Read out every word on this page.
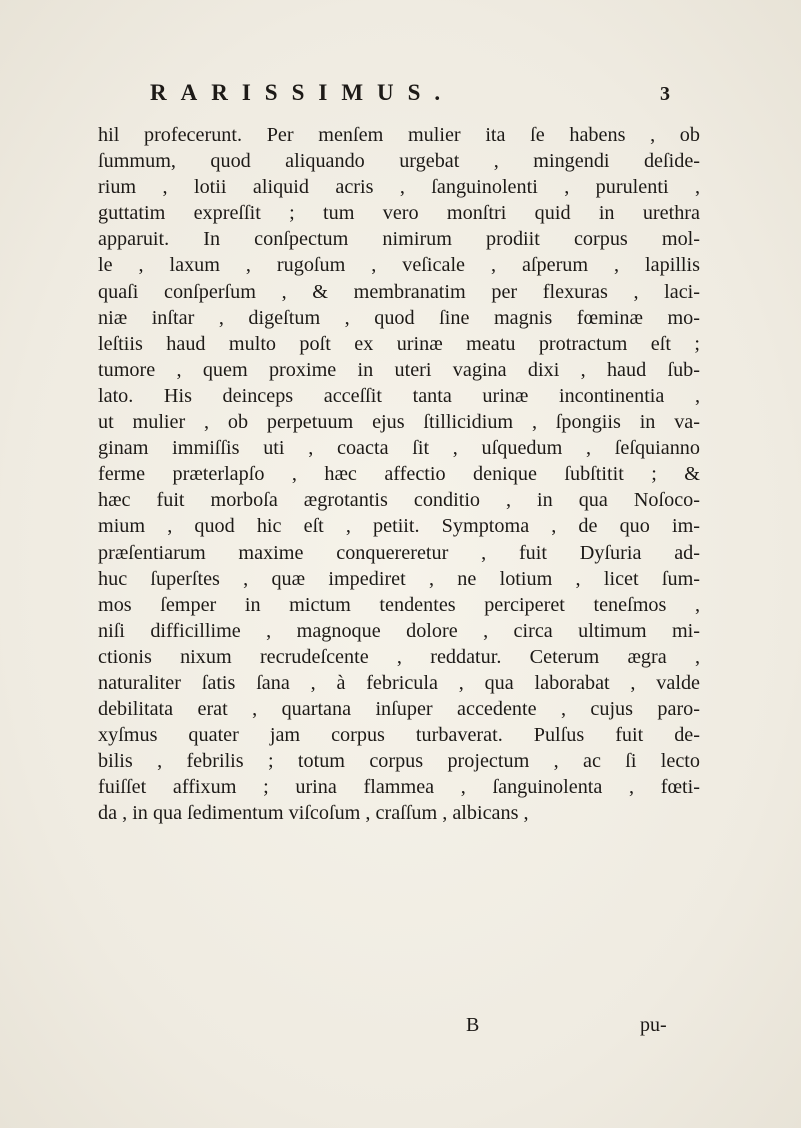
RARISSIMUS.	3
hil profecerunt. Per menſem mulier ita ſe habens , ob
ſummum, quod aliquando urgebat , mingendi deſide-
rium , lotii aliquid acris , ſanguinolenti , purulenti ,
guttatim expreſſit ; tum vero monſtri quid in urethra
apparuit. In conſpectum nimirum prodiit corpus mol-
le , laxum , rugoſum , veſicale , aſperum , lapillis
quaſi conſperſum , & membranatim per flexuras , laci-
niæ inſtar , digeſtum , quod ſine magnis fœminæ mo-
leſtiis haud multo poſt ex urinæ meatu protractum eſt ;
tumore , quem proxime in uteri vagina dixi , haud ſub-
lato. His deinceps acceſſit tanta urinæ incontinentia ,
ut mulier , ob perpetuum ejus ſtillicidium , ſpongiis in va-
ginam immiſſis uti , coacta ſit , uſquedum , ſeſquianno
ferme præterlapſo , hæc affectio denique ſubſtitit ; &
hæc fuit morboſa ægrotantis conditio , in qua Noſoco-
mium , quod hic eſt , petiit. Symptoma , de quo im-
præſentiarum maxime conquereretur , fuit Dyſuria ad-
huc ſuperſtes , quæ impediret , ne lotium , licet ſum-
mos ſemper in mictum tendentes perciperet teneſmos ,
niſi difficillime , magnoque dolore , circa ultimum mi-
ctionis nixum recrudeſcente , reddatur. Ceterum ægra ,
naturaliter ſatis ſana , à febricula , qua laborabat , valde
debilitata erat , quartana inſuper accedente , cujus paro-
xyſmus quater jam corpus turbaverat. Pulſus fuit de-
bilis , febrilis ; totum corpus projectum , ac ſi lecto
fuiſſet affixum ; urina flammea , ſanguinolenta , fœti-
da , in qua ſedimentum viſcoſum , craſſum , albicans ,
B	pu-
